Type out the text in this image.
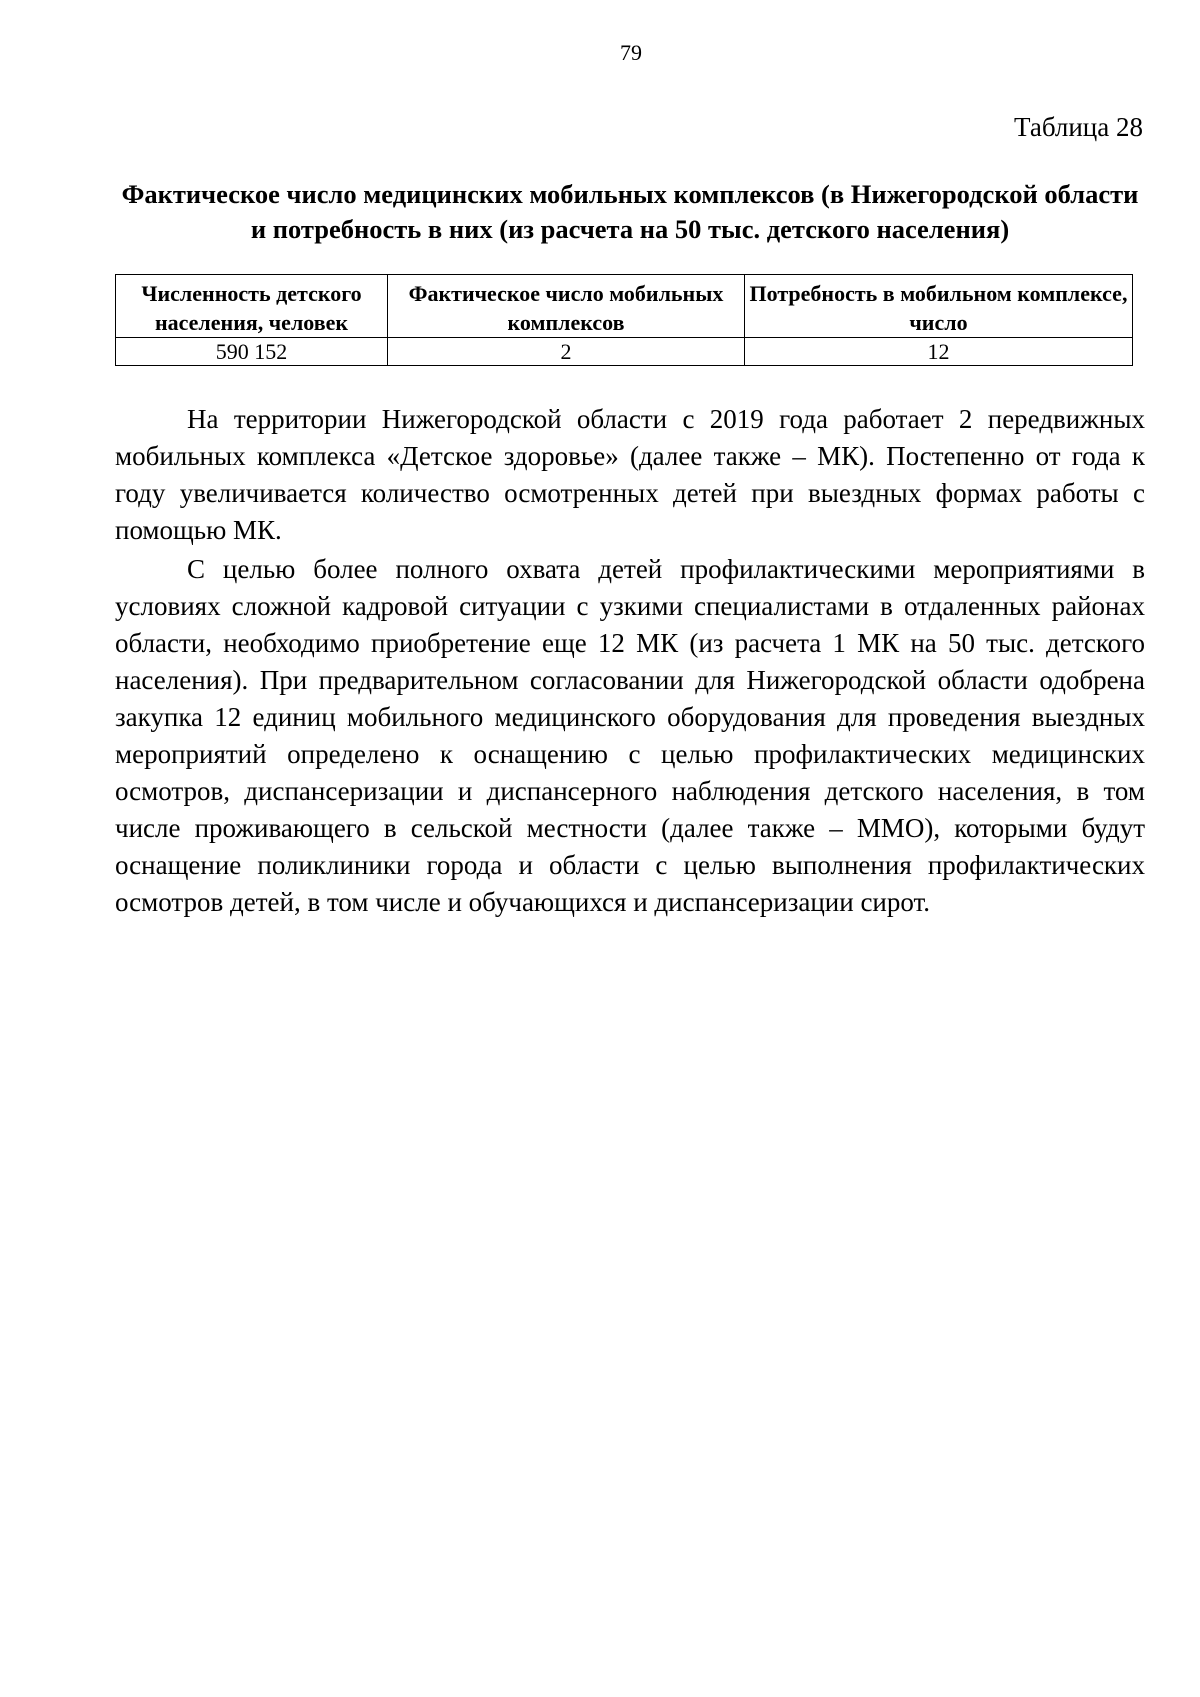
79
Таблица 28
Фактическое число медицинских мобильных комплексов (в Нижегородской области и потребность в них (из расчета на 50 тыс. детского населения)
Численность детского населения, человек	Фактическое число мобильных комплексов	Потребность в мобильном комплексе, число
590 152	2	12

На территории Нижегородской области с 2019 года работает 2 передвижных мобильных комплекса «Детское здоровье» (далее также – МК). Постепенно от года к году увеличивается количество осмотренных детей при выездных формах работы с помощью МК.

С целью более полного охвата детей профилактическими мероприятиями в условиях сложной кадровой ситуации с узкими специалистами в отдаленных районах области, необходимо приобретение еще 12 МК (из расчета 1 МК на 50 тыс. детского населения). При предварительном согласовании для Нижегородской области одобрена закупка 12 единиц мобильного медицинского оборудования для проведения выездных мероприятий определено к оснащению с целью профилактических медицинских осмотров, диспансеризации и диспансерного наблюдения детского населения, в том числе проживающего в сельской местности (далее также – ММО), которыми будут оснащение поликлиники города и области с целью выполнения профилактических осмотров детей, в том числе и обучающихся и диспансеризации сирот.
